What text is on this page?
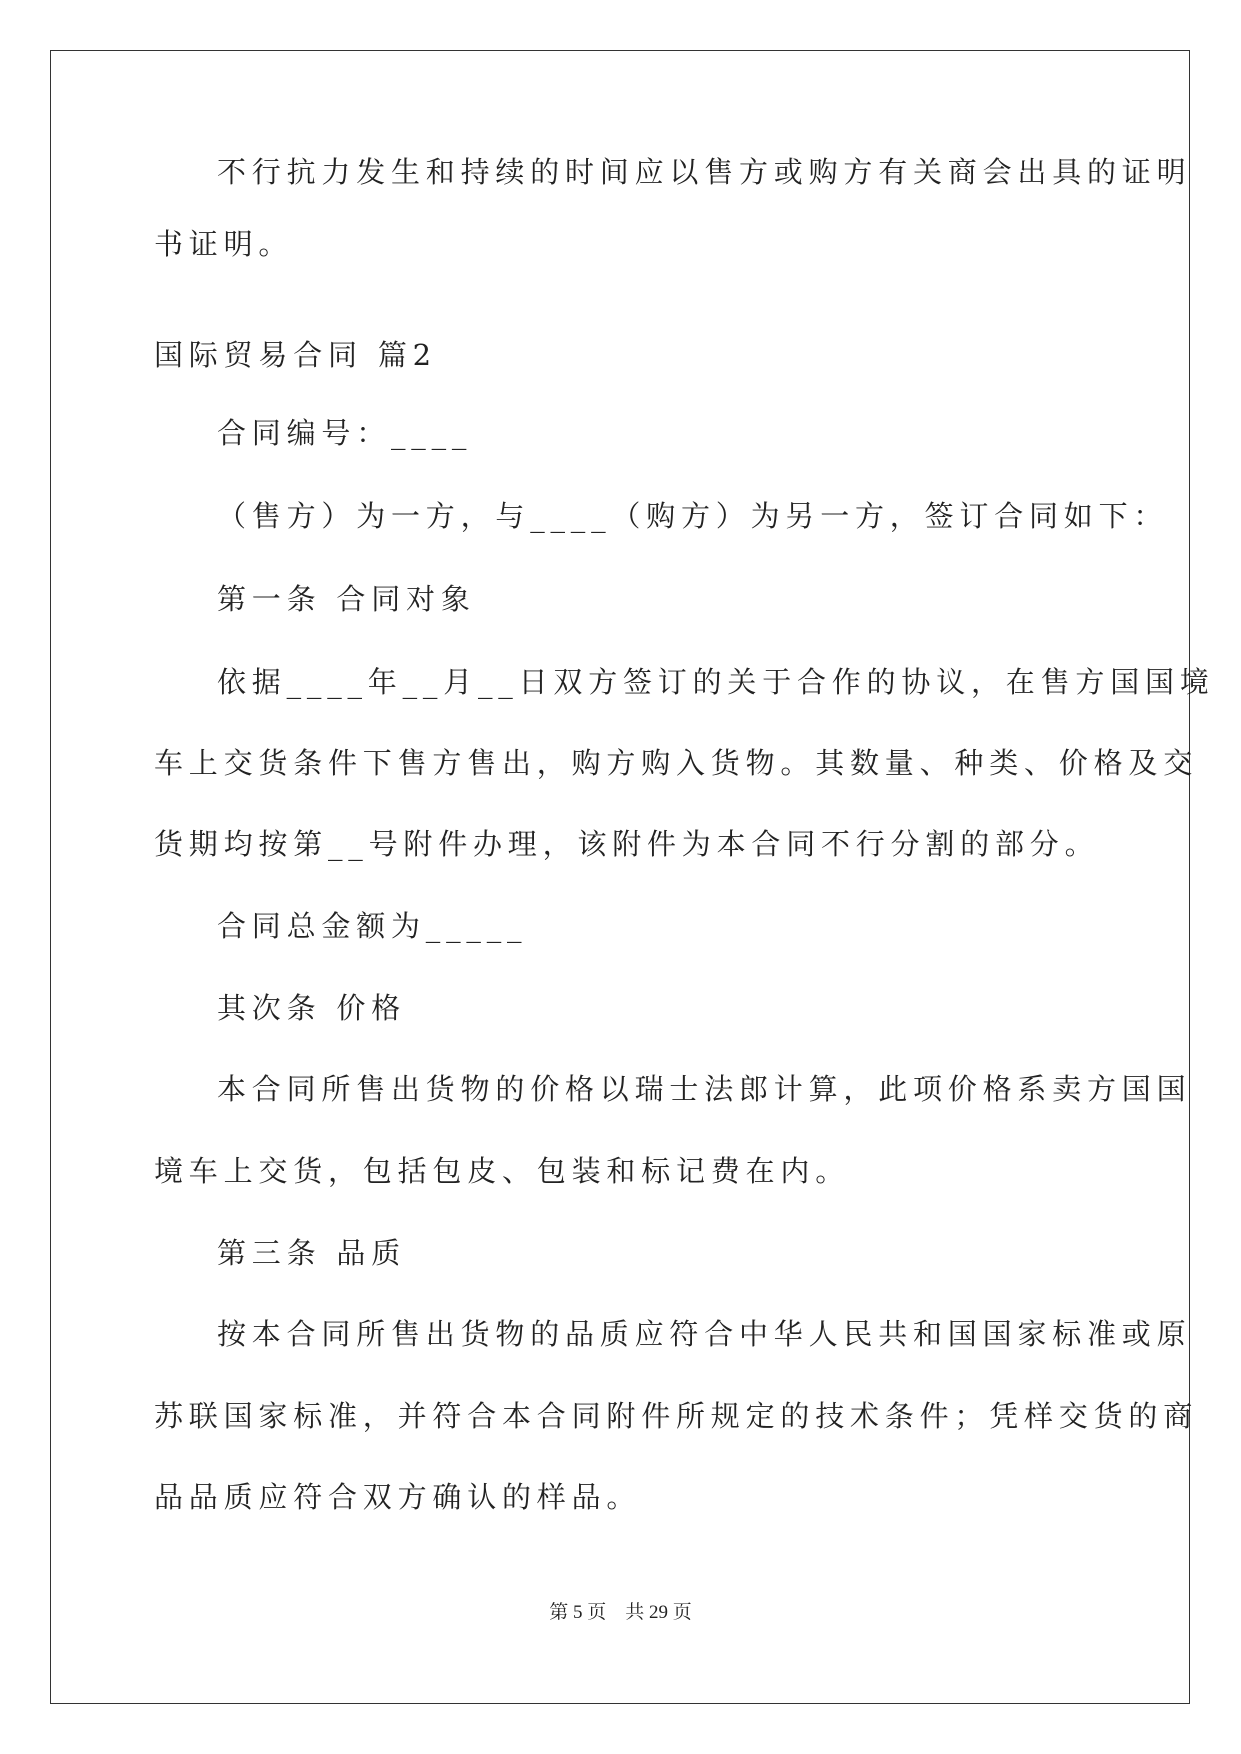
不行抗力发生和持续的时间应以售方或购方有关商会出具的证明

书证明。

国际贸易合同 篇2

合同编号：____

（售方）为一方，与____（购方）为另一方，签订合同如下：

第一条 合同对象

依据____年__月__日双方签订的关于合作的协议，在售方国国境

车上交货条件下售方售出，购方购入货物。其数量、种类、价格及交

货期均按第__号附件办理，该附件为本合同不行分割的部分。

合同总金额为_____

其次条 价格

本合同所售出货物的价格以瑞士法郎计算，此项价格系卖方国国

境车上交货，包括包皮、包装和标记费在内。

第三条 品质

按本合同所售出货物的品质应符合中华人民共和国国家标准或原

苏联国家标准，并符合本合同附件所规定的技术条件；凭样交货的商

品品质应符合双方确认的样品。

第 5 页    共 29 页
